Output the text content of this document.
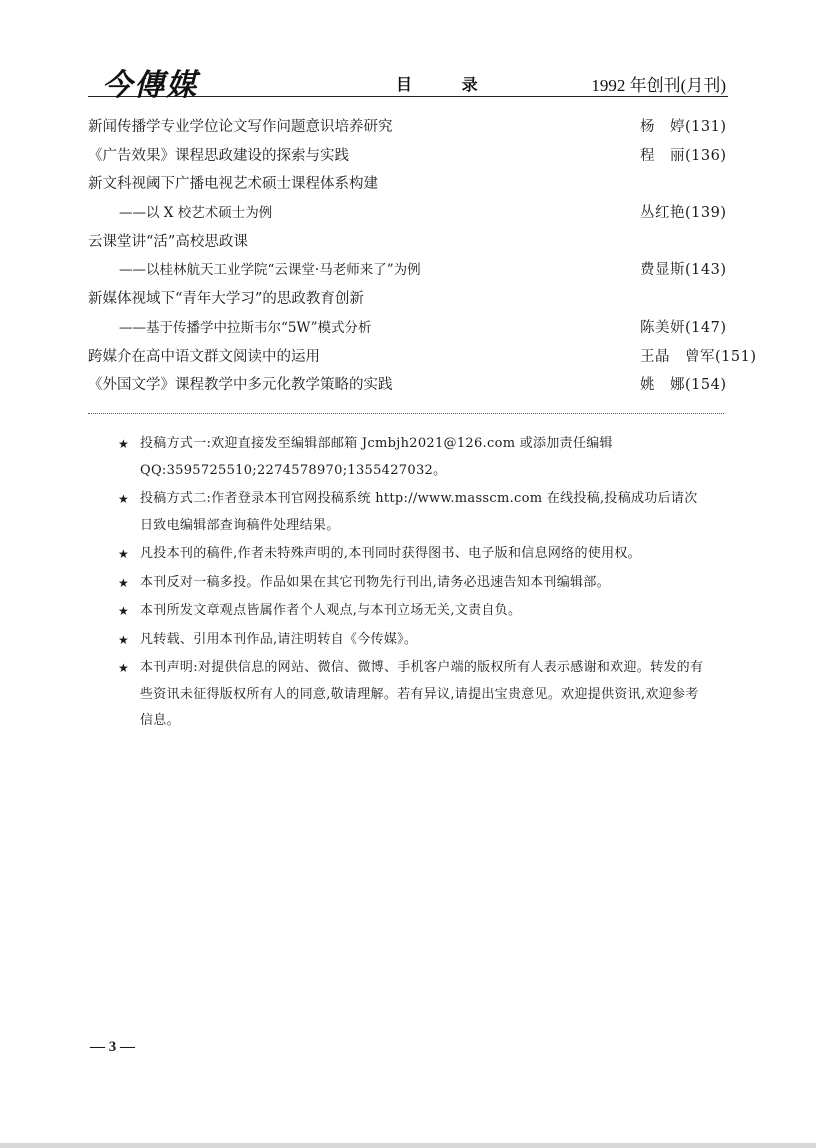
今傳媒	目 录	1992 年创刊(月刊)
新闻传播学专业学位论文写作问题意识培养研究	杨　婷(131)
《广告效果》课程思政建设的探索与实践	程　丽(136)
新文科视阈下广播电视艺术硕士课程体系构建
——以 X 校艺术硕士为例	丛红艳(139)
云课堂讲“活”高校思政课
——以桂林航天工业学院“云课堂·马老师来了”为例	费显斯(143)
新媒体视域下“青年大学习”的思政教育创新
——基于传播学中拉斯韦尔“5W”模式分析	陈美妍(147)
跨媒介在高中语文群文阅读中的运用	王晶　曾军(151)
《外国文学》课程教学中多元化教学策略的实践	姚　娜(154)
★ 投稿方式一:欢迎直接发至编辑部邮箱 Jcmbjh2021@126.com 或添加责任编辑 QQ:3595725510;2274578970;1355427032。
★ 投稿方式二:作者登录本刊官网投稿系统 http://www.masscm.com 在线投稿,投稿成功后请次日致电编辑部查询稿件处理结果。
★ 凡投本刊的稿件,作者未特殊声明的,本刊同时获得图书、电子版和信息网络的使用权。
★ 本刊反对一稿多投。作品如果在其它刊物先行刊出,请务必迅速告知本刊编辑部。
★ 本刊所发文章观点皆属作者个人观点,与本刊立场无关,文责自负。
★ 凡转载、引用本刊作品,请注明转自《今传媒》。
★ 本刊声明:对提供信息的网站、微信、微博、手机客户端的版权所有人表示感谢和欢迎。转发的有些资讯未征得版权所有人的同意,敬请理解。若有异议,请提出宝贵意见。欢迎提供资讯,欢迎参考信息。
— 3 —
